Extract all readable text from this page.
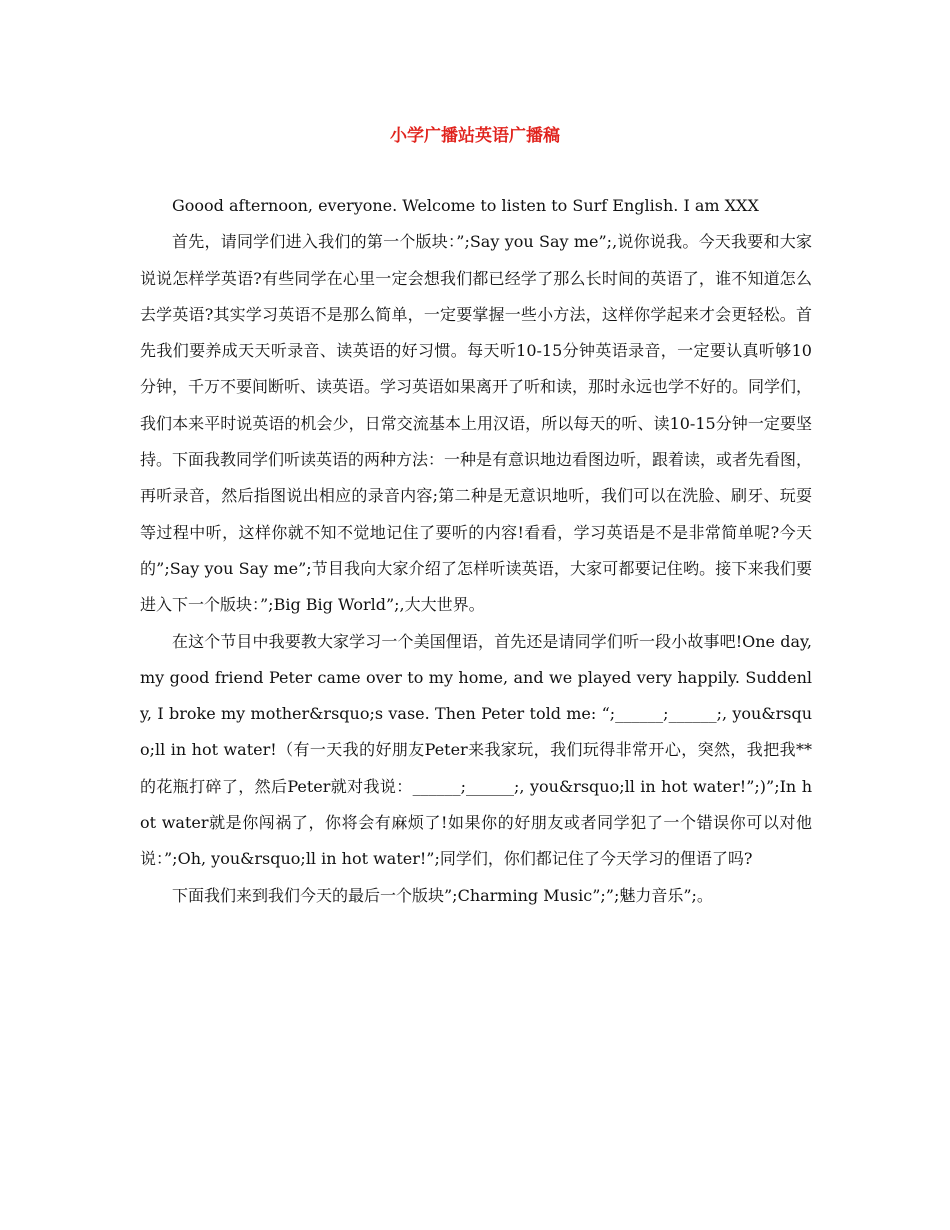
小学广播站英语广播稿

Goood afternoon, everyone. Welcome to listen to Surf English. I am XXX

首先，请同学们进入我们的第一个版块：”;Say you Say me”;,说你说我。今天我要和大家说说怎样学英语?有些同学在心里一定会想我们都已经学了那么长时间的英语了，谁不知道怎么去学英语?其实学习英语不是那么简单，一定要掌握一些小方法，这样你学起来才会更轻松。首先我们要养成天天听录音、读英语的好习惯。每天听10-15分钟英语录音，一定要认真听够10分钟，千万不要间断听、读英语。学习英语如果离开了听和读，那时永远也学不好的。同学们，我们本来平时说英语的机会少，日常交流基本上用汉语，所以每天的听、读10-15分钟一定要坚持。下面我教同学们听读英语的两种方法：一种是有意识地边看图边听，跟着读，或者先看图，再听录音，然后指图说出相应的录音内容;第二种是无意识地听，我们可以在洗脸、刷牙、玩耍等过程中听，这样你就不知不觉地记住了要听的内容!看看，学习英语是不是非常简单呢?今天的”;Say you Say me”;节目我向大家介绍了怎样听读英语，大家可都要记住哟。接下来我们要进入下一个版块：”;Big Big World”;,大大世界。

在这个节目中我要教大家学习一个美国俚语，首先还是请同学们听一段小故事吧!One day, my good friend Peter came over to my home, and we played very happily. Suddenly, I broke my mother&rsquo;s vase. Then Peter told me: “;______;______;, you&rsquo;ll in hot water!（有一天我的好朋友Peter来我家玩，我们玩得非常开心，突然，我把我**的花瓶打碎了，然后Peter就对我说：______;______;, you&rsquo;ll in hot water!”;)”;In hot water就是你闯祸了，你将会有麻烦了!如果你的好朋友或者同学犯了一个错误你可以对他说：”;Oh, you&rsquo;ll in hot water!”;同学们，你们都记住了今天学习的俚语了吗?

下面我们来到我们今天的最后一个版块”;Charming Music”;”;魅力音乐”;。
